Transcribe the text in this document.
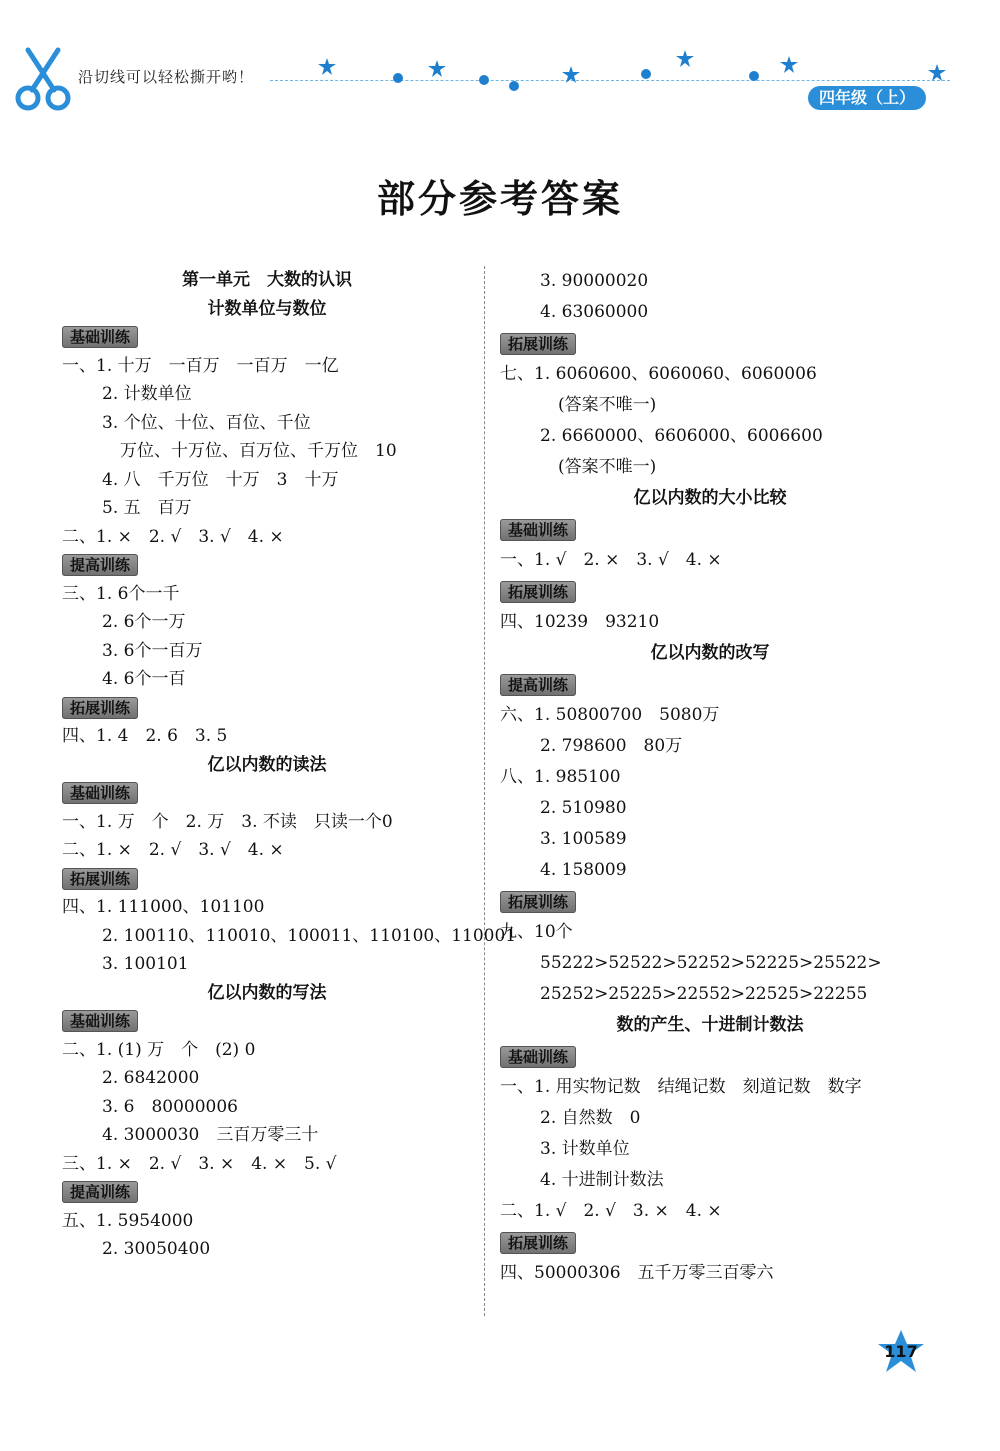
沿切线可以轻松撕开哟！
四年级（上）
部分参考答案
第一单元　大数的认识
计数单位与数位
基础训练
一、1. 十万　一百万　一百万　一亿
2. 计数单位
3. 个位、十位、百位、千位
万位、十万位、百万位、千万位　10
4. 八　千万位　十万　3　十万
5. 五　百万
二、1. ×　2. √　3. √　4. ×
提高训练
三、1. 6个一千
2. 6个一万
3. 6个一百万
4. 6个一百
拓展训练
四、1. 4　2. 6　3. 5
亿以内数的读法
基础训练
一、1. 万　个　2. 万　3. 不读　只读一个0
二、1. ×　2. √　3. √　4. ×
拓展训练
四、1. 111000、101100
2. 100110、110010、100011、110100、110001
3. 100101
亿以内数的写法
基础训练
二、1. (1) 万　个　(2) 0
2. 6842000
3. 6　80000006
4. 3000030　三百万零三十
三、1. ×　2. √　3. ×　4. ×　5. √
提高训练
五、1. 5954000
2. 30050400
3. 90000020
4. 63060000
拓展训练
七、1. 6060600、6060060、6060006
(答案不唯一)
2. 6660000、6606000、6006600
(答案不唯一)
亿以内数的大小比较
基础训练
一、1. √　2. ×　3. √　4. ×
拓展训练
四、10239　93210
亿以内数的改写
提高训练
六、1. 50800700　5080万
2. 798600　80万
八、1. 985100
2. 510980
3. 100589
4. 158009
拓展训练
九、10个
55222>52522>52252>52225>25522>
25252>25225>22552>22525>22255
数的产生、十进制计数法
基础训练
一、1. 用实物记数　结绳记数　刻道记数　数字
2. 自然数　0
3. 计数单位
4. 十进制计数法
二、1. √　2. √　3. ×　4. ×
拓展训练
四、50000306　五千万零三百零六
117
